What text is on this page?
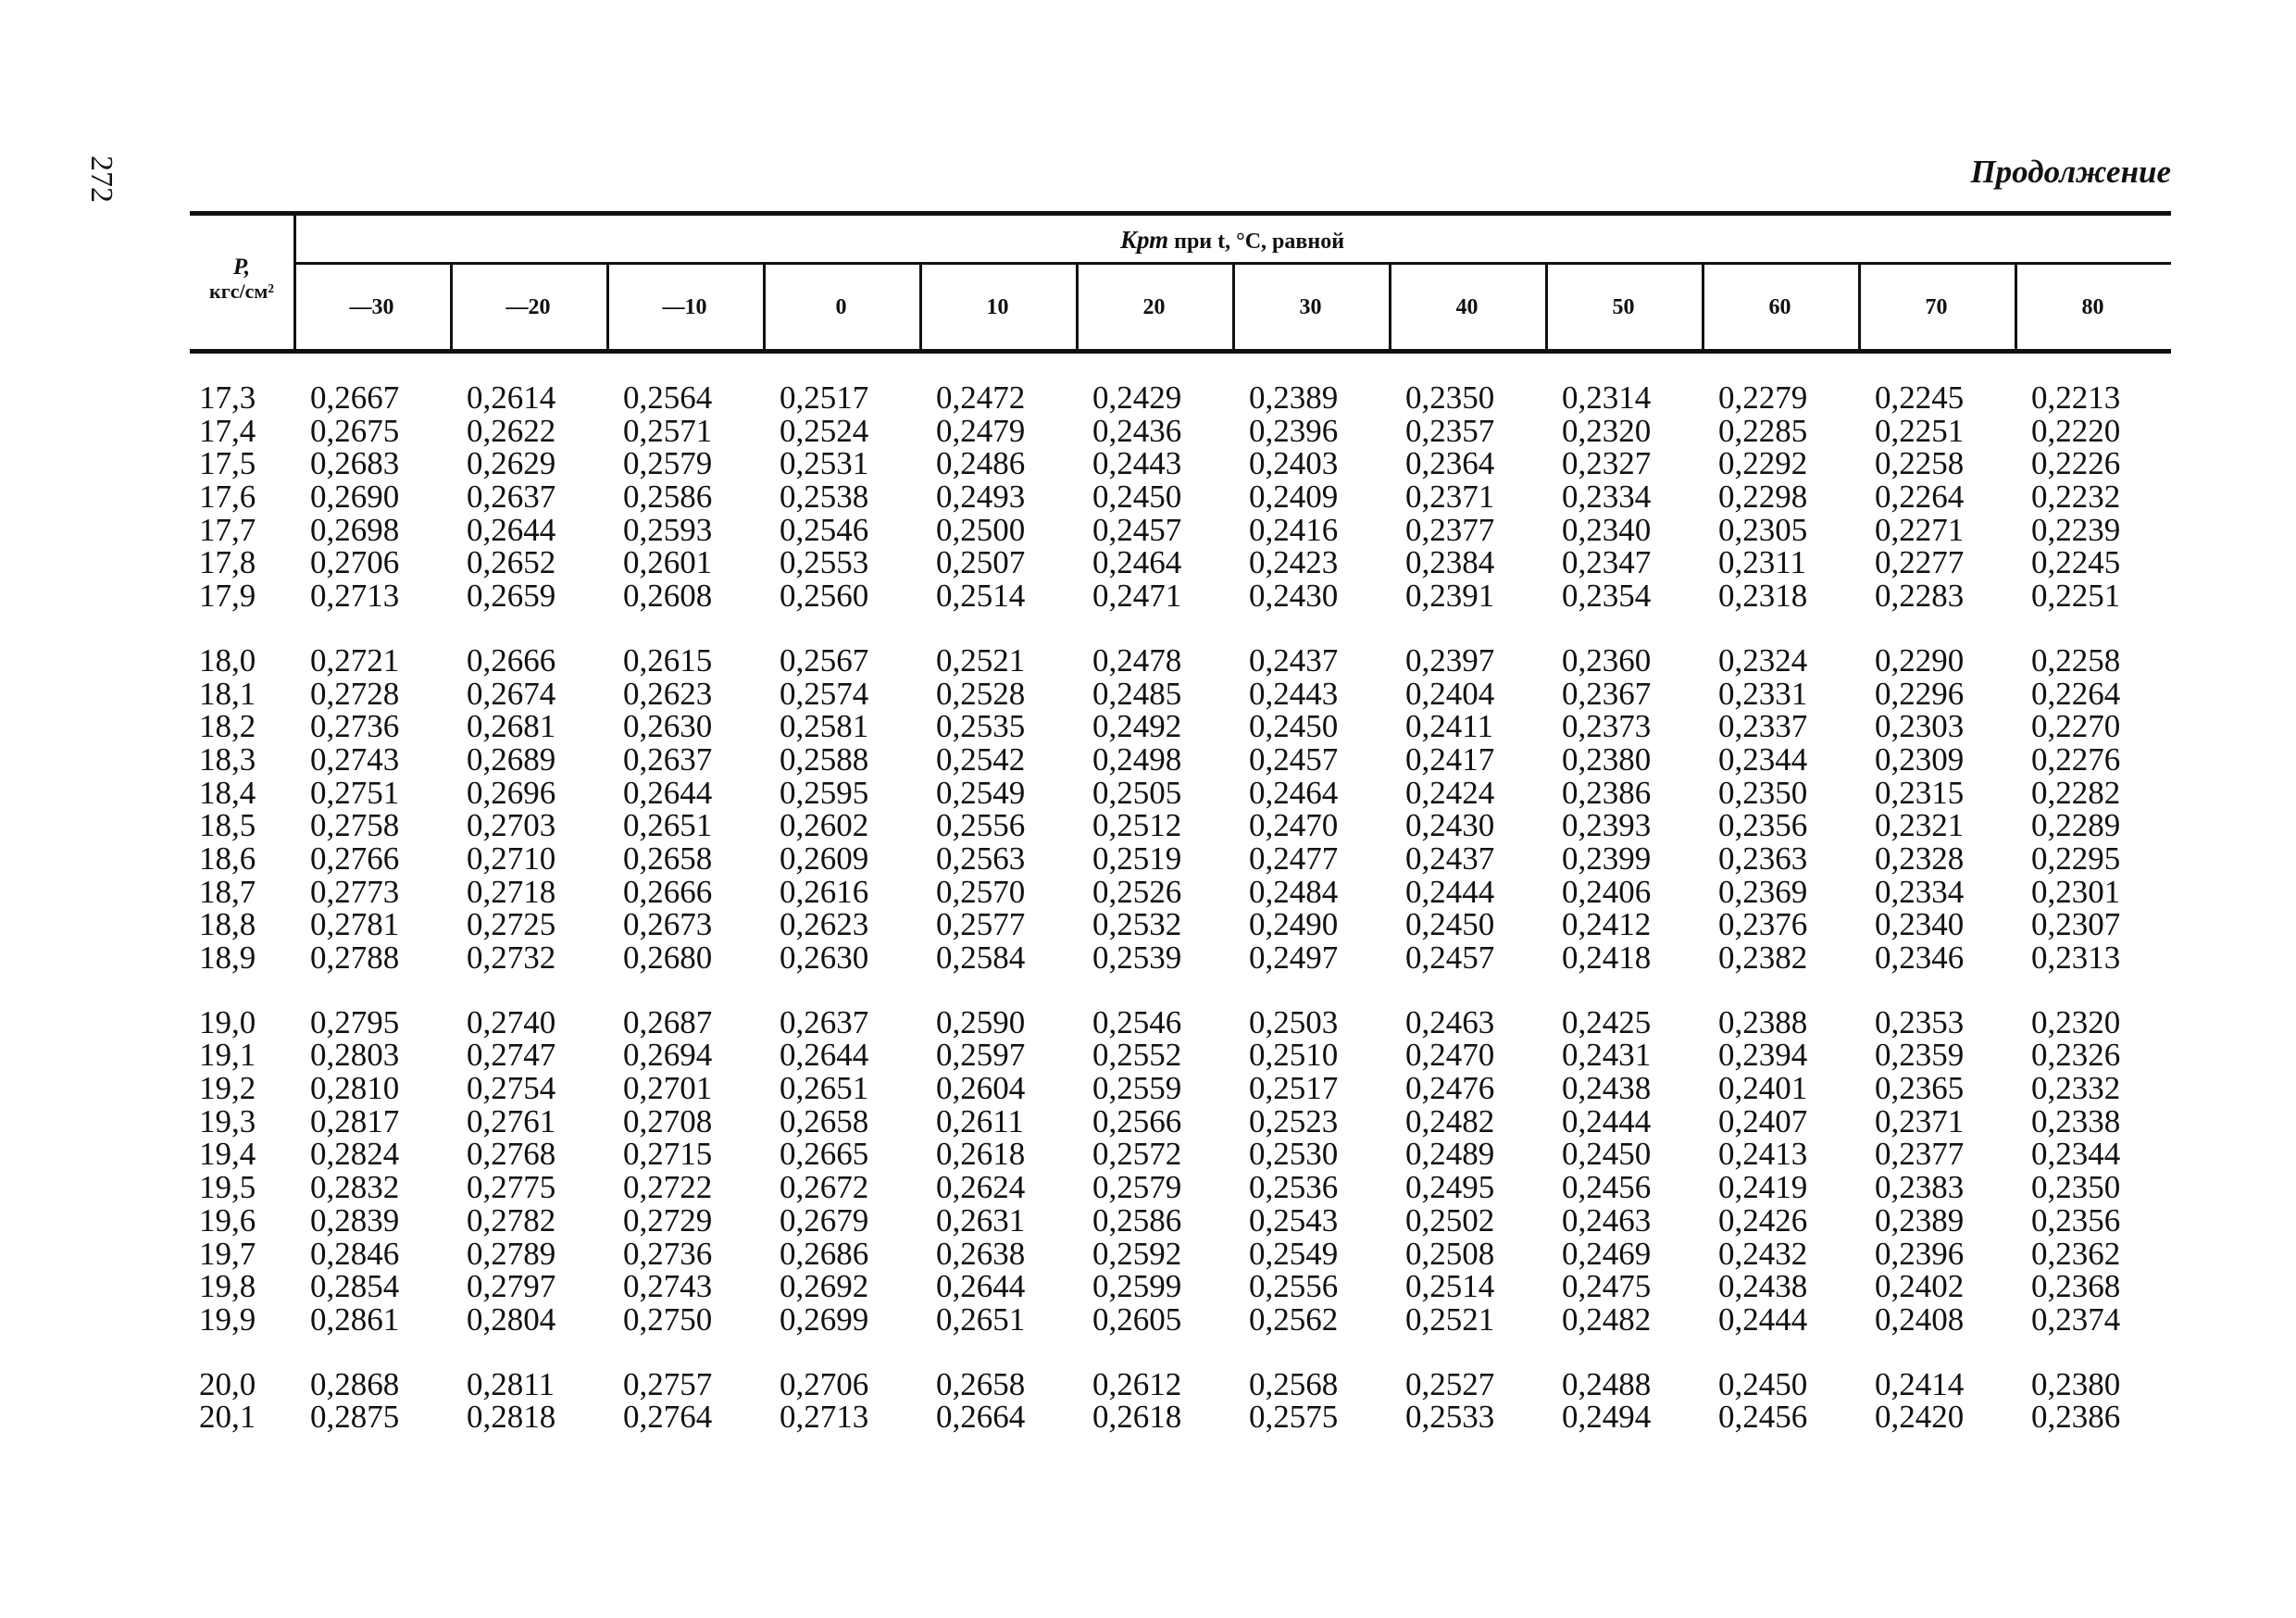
272	Продолжение
P,
кгс/см²
Kрт при t, °C, равной
—30	—20	—10	0	10	20	30	40	50	60	70	80
17,3 0,2667 0,2614 0,2564 0,2517 0,2472 0,2429 0,2389 0,2350 0,2314 0,2279 0,2245 0,2213
17,4 0,2675 0,2622 0,2571 0,2524 0,2479 0,2436 0,2396 0,2357 0,2320 0,2285 0,2251 0,2220
17,5 0,2683 0,2629 0,2579 0,2531 0,2486 0,2443 0,2403 0,2364 0,2327 0,2292 0,2258 0,2226
17,6 0,2690 0,2637 0,2586 0,2538 0,2493 0,2450 0,2409 0,2371 0,2334 0,2298 0,2264 0,2232
17,7 0,2698 0,2644 0,2593 0,2546 0,2500 0,2457 0,2416 0,2377 0,2340 0,2305 0,2271 0,2239
17,8 0,2706 0,2652 0,2601 0,2553 0,2507 0,2464 0,2423 0,2384 0,2347 0,2311 0,2277 0,2245
17,9 0,2713 0,2659 0,2608 0,2560 0,2514 0,2471 0,2430 0,2391 0,2354 0,2318 0,2283 0,2251
18,0 0,2721 0,2666 0,2615 0,2567 0,2521 0,2478 0,2437 0,2397 0,2360 0,2324 0,2290 0,2258
18,1 0,2728 0,2674 0,2623 0,2574 0,2528 0,2485 0,2443 0,2404 0,2367 0,2331 0,2296 0,2264
18,2 0,2736 0,2681 0,2630 0,2581 0,2535 0,2492 0,2450 0,2411 0,2373 0,2337 0,2303 0,2270
18,3 0,2743 0,2689 0,2637 0,2588 0,2542 0,2498 0,2457 0,2417 0,2380 0,2344 0,2309 0,2276
18,4 0,2751 0,2696 0,2644 0,2595 0,2549 0,2505 0,2464 0,2424 0,2386 0,2350 0,2315 0,2282
18,5 0,2758 0,2703 0,2651 0,2602 0,2556 0,2512 0,2470 0,2430 0,2393 0,2356 0,2321 0,2289
18,6 0,2766 0,2710 0,2658 0,2609 0,2563 0,2519 0,2477 0,2437 0,2399 0,2363 0,2328 0,2295
18,7 0,2773 0,2718 0,2666 0,2616 0,2570 0,2526 0,2484 0,2444 0,2406 0,2369 0,2334 0,2301
18,8 0,2781 0,2725 0,2673 0,2623 0,2577 0,2532 0,2490 0,2450 0,2412 0,2376 0,2340 0,2307
18,9 0,2788 0,2732 0,2680 0,2630 0,2584 0,2539 0,2497 0,2457 0,2418 0,2382 0,2346 0,2313
19,0 0,2795 0,2740 0,2687 0,2637 0,2590 0,2546 0,2503 0,2463 0,2425 0,2388 0,2353 0,2320
19,1 0,2803 0,2747 0,2694 0,2644 0,2597 0,2552 0,2510 0,2470 0,2431 0,2394 0,2359 0,2326
19,2 0,2810 0,2754 0,2701 0,2651 0,2604 0,2559 0,2517 0,2476 0,2438 0,2401 0,2365 0,2332
19,3 0,2817 0,2761 0,2708 0,2658 0,2611 0,2566 0,2523 0,2482 0,2444 0,2407 0,2371 0,2338
19,4 0,2824 0,2768 0,2715 0,2665 0,2618 0,2572 0,2530 0,2489 0,2450 0,2413 0,2377 0,2344
19,5 0,2832 0,2775 0,2722 0,2672 0,2624 0,2579 0,2536 0,2495 0,2456 0,2419 0,2383 0,2350
19,6 0,2839 0,2782 0,2729 0,2679 0,2631 0,2586 0,2543 0,2502 0,2463 0,2426 0,2389 0,2356
19,7 0,2846 0,2789 0,2736 0,2686 0,2638 0,2592 0,2549 0,2508 0,2469 0,2432 0,2396 0,2362
19,8 0,2854 0,2797 0,2743 0,2692 0,2644 0,2599 0,2556 0,2514 0,2475 0,2438 0,2402 0,2368
19,9 0,2861 0,2804 0,2750 0,2699 0,2651 0,2605 0,2562 0,2521 0,2482 0,2444 0,2408 0,2374
20,0 0,2868 0,2811 0,2757 0,2706 0,2658 0,2612 0,2568 0,2527 0,2488 0,2450 0,2414 0,2380
20,1 0,2875 0,2818 0,2764 0,2713 0,2664 0,2618 0,2575 0,2533 0,2494 0,2456 0,2420 0,2386
